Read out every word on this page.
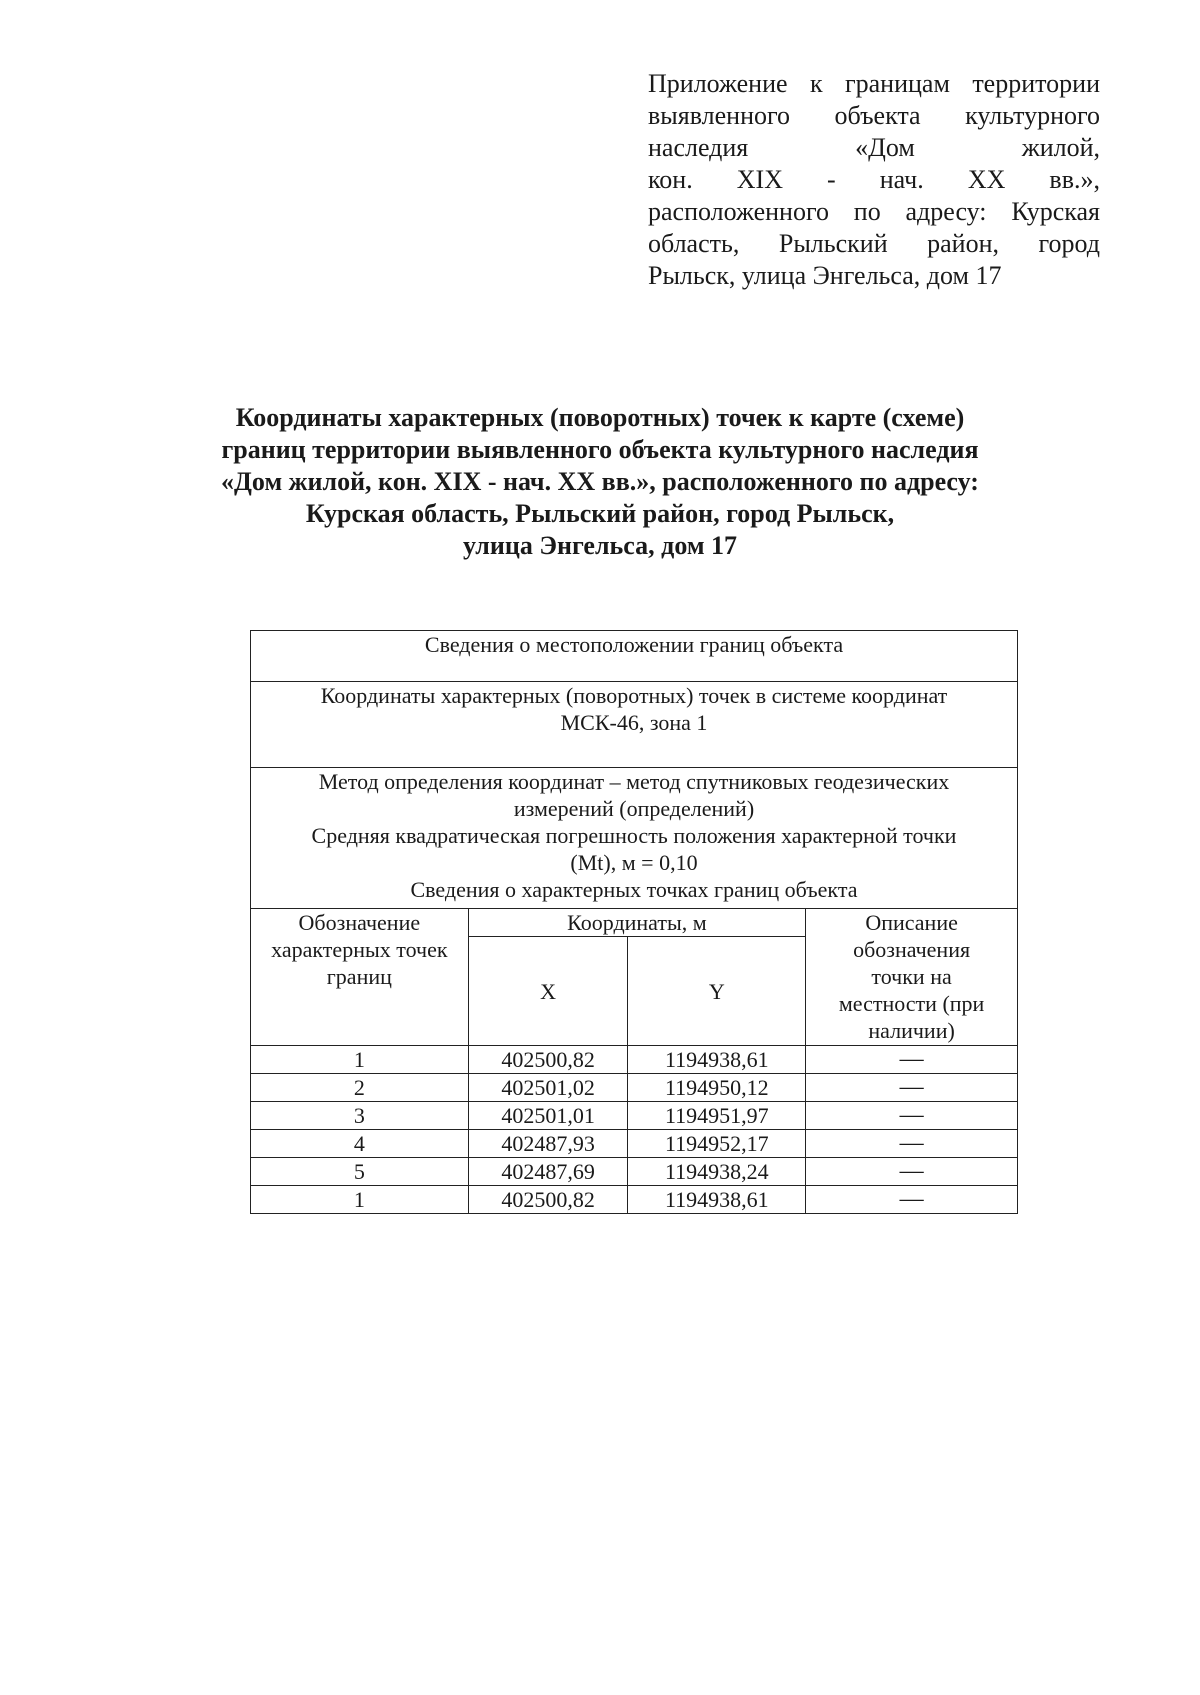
Приложение к границам территории
выявленного объекта культурного
наследия «Дом жилой,
кон. XIX - нач. XX вв.»,
расположенного по адресу: Курская
область, Рыльский район, город
Рыльск, улица Энгельса, дом 17
Координаты характерных (поворотных) точек к карте (схеме)
границ территории выявленного объекта культурного наследия
«Дом жилой, кон. XIX - нач. XX вв.», расположенного по адресу:
Курская область, Рыльский район, город Рыльск,
улица Энгельса, дом 17
Сведения о местоположении границ объекта			

Координаты характерных (поворотных) точек в системе координат
МСК-46, зона 1			

Метод определения координат – метод спутниковых геодезических
измерений (определений)
Средняя квадратическая погрешность положения характерной точки
(Mt), м = 0,10
Сведения о характерных точках границ объекта			

Обозначение характерных точек границ	Координаты, м		Описание обозначения точки на местности (при наличии)
	X	Y	
1	402500,82	1194938,61	—
2	402501,02	1194950,12	—
3	402501,01	1194951,97	—
4	402487,93	1194952,17	—
5	402487,69	1194938,24	—
1	402500,82	1194938,61	—
